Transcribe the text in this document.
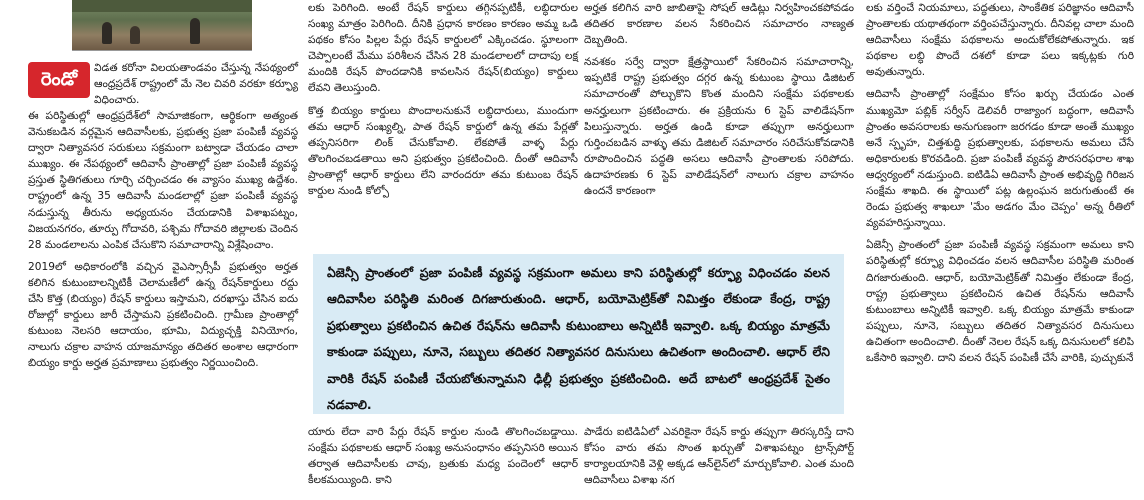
రెండో

విడత కరోనా విలయతాండవం చేస్తున్న నేపథ్యంలో ఆంధ్రప్రదేశ్ రాష్ట్రంలో మే నెల చివరి వరకూ కర్ఫ్యూ విధించారు.

ఈ పరిస్థితుల్లో ఆంధ్రప్రదేశ్‌లో సామాజికంగా, ఆర్థికంగా అత్యంత వెనుకబడిన వర్గమైన ఆదివాసీలకు, ప్రభుత్వ ప్రజా పంపిణీ వ్యవస్థ ద్వారా నిత్యావసర సరుకులు సక్రమంగా బట్వాడా చేయడం చాలా ముఖ్యం. ఈ నేపథ్యంలో ఆదివాసీ ప్రాంతాల్లో ప్రజా పంపిణీ వ్యవస్థ ప్రస్తుత స్థితిగతులు గూర్చి చర్చించడం ఈ వ్యాసం ముఖ్య ఉద్దేశం. రాష్ట్రంలో ఉన్న 35 ఆదివాసీ మండలాల్లో ప్రజా పంపిణీ వ్యవస్థ నడుస్తున్న తీరును అధ్యయనం చేయడానికి విశాఖపట్నం, విజయనగరం, తూర్పు గోదావరి, పశ్చిమ గోదావరి జిల్లాలకు చెందిన 28 మండలాలను ఎంపిక చేసుకొని సమాచారాన్ని విశ్లేషించాం.

2019లో అధికారంలోకి వచ్చిన వైఎస్సార్సీపీ ప్రభుత్వం అర్హత కలిగిన కుటుంబాలన్నిటికీ చెలామణీలో ఉన్న రేషన్‌కార్డులు రద్దు చేసి కొత్త (బియ్యం) రేషన్ కార్డులు ఇస్తామని, దరఖాస్తు చేసిన ఐదు రోజుల్లో కార్డులు జారీ చేస్తామని ప్రకటించింది. గ్రామీణ ప్రాంతాల్లో కుటుంబ నెలసరి ఆదాయం, భూమి, విద్యుచ్ఛక్తి వినియోగం, నాలుగు చక్రాల వాహన యాజమాన్యం తదితర అంశాల ఆధారంగా బియ్యం కార్డు అర్హత ప్రమాణాలు ప్రభుత్వం నిర్ణయించింది.

లకు పెరిగింది. అంటే రేషన్ కార్డులు తగ్గినప్పటికీ, లబ్ధిదారుల సంఖ్య మాత్రం పెరిగింది. దీనికి ప్రధాన కారణం కారణం అమ్మ ఒడి పథకం కోసం పిల్లల పేర్లు రేషన్ కార్డులలో ఎక్కించడం. స్థూలంగా చెప్పాలంటే మేము పరిశీలన చేసిన 28 మండలాలలో దాదాపు లక్ష మందికి రేషన్ పొందడానికి కావలసిన రేషన్(బియ్యం) కార్డులు లేవని తెలుస్తుంది.

కొత్త బియ్యం కార్డులు పొందాలనుకునే లబ్ధిదారులు, ముందుగా తమ ఆధార్ సంఖ్యల్ని, పాత రేషన్ కార్డులో ఉన్న తమ పేర్లతో తప్పనిసరిగా లింక్ చేసుకోవాలి. లేకపోతే వాళ్ళ పేర్లు తొలగించబడతాయి అని ప్రభుత్వం ప్రకటించింది. దీంతో ఆదివాసీ ప్రాంతాల్లో ఆధార్ కార్డులు లేని వారందరూ తమ కుటుంబ రేషన్ కార్డుల నుండి కోల్పో

అర్హత కలిగిన వారి జాబితాపై సోషల్ ఆడిట్లు నిర్వహించకపోవడం తదితర కారణాల వలన సేకరించిన సమాచారం నాణ్యత దెబ్బతింది.

నవశకం సర్వే ద్వారా క్షేత్రస్థాయిలో సేకరించిన సమాచారాన్ని, ఇప్పటికే రాష్ట్ర ప్రభుత్వం దగ్గర ఉన్న కుటుంబ స్థాయి డిజిటల్ సమాచారంతో పోల్చుకొని కొంత మందిని సంక్షేమ పథకాలకు అనర్హులుగా ప్రకటించారు. ఈ ప్రక్రియను 6 స్టెప్ వాలిడేషన్‌గా పిలుస్తున్నారు. అర్హత ఉండి కూడా తప్పుగా అనర్హులుగా గుర్తించబడిన వాళ్ళు తమ డిజిటల్ సమాచారం సరిచేసుకోవడానికి రూపొందించిన పద్ధతి అసలు ఆదివాసీ ప్రాంతాలకు సరిపోదు. ఉదాహరణకు 6 స్టెప్ వాలిడేషన్‌లో నాలుగు చక్రాల వాహనం ఉందనే కారణంగా

ఏజెన్సీ ప్రాంతంలో ప్రజా పంపిణీ వ్యవస్థ సక్రమంగా అమలు కాని పరిస్థితుల్లో కర్ఫ్యూ విధించడం వలన ఆదివాసీల పరిస్థితి మరింత దిగజారుతుంది. ఆధార్, బయోమెట్రిక్‌తో నిమిత్తం లేకుండా కేంద్ర, రాష్ట్ర ప్రభుత్వాలు ప్రకటించిన ఉచిత రేషన్‌ను ఆదివాసీ కుటుంబాలు అన్నిటికీ ఇవ్వాలి. ఒక్క బియ్యం మాత్రమే కాకుండా పప్పులు, నూనె, సబ్బులు తదితర నిత్యావసర దినుసులు ఉచితంగా అందించాలి. ఆధార్ లేని వారికి రేషన్ పంపిణీ చేయబోతున్నామని ఢిల్లీ ప్రభుత్వం ప్రకటించింది. అదే బాటలో ఆంధ్రప్రదేశ్ సైతం నడవాలి.

యారు లేదా వారి పేర్లు రేషన్ కార్డుల నుండి తొలగించబడ్డాయి. సంక్షేమ పథకాలకు ఆధార్ సంఖ్య అనుసంధానం తప్పనిసరి అయిన తర్వాత ఆదివాసీలకు చావు, బ్రతుకు మధ్య పందెంలో ఆధార్ కీలకమయ్యింది. కాని

పాడేరు ఐటిడిఏలో ఎవరికైనా రేషన్ కార్డు తప్పుగా తిరస్కరిస్తే దాని కోసం వారు తమ సొంత ఖర్చుతో విశాఖపట్నం ట్రాన్స్‌పోర్ట్ కార్యాలయానికి వెళ్లి అక్కడ ఆన్‌లైన్‌లో మార్చుకోవాలి. ఎంత మంది ఆదివాసీలు విశాఖ నగ

లకు వర్తించే నియమాలు, పద్ధతులు, సాంకేతిక పరిజ్ఞానం ఆదివాసీ ప్రాంతాలకు యథాతథంగా వర్తింపచేస్తున్నారు. దీనివల్ల చాలా మంది ఆదివాసీలు సంక్షేమ పథకాలను అందుకోలేకపోతున్నారు. ఇక పథకాల లబ్ధి పొందే దశలో కూడా పలు ఇక్కట్లకు గురి అవుతున్నారు.

ఆదివాసీ ప్రాంతాల్లో సంక్షేమం కోసం ఖర్చు చేయడం ఎంత ముఖ్యమో పబ్లిక్ సర్వీస్ డెలివరీ రాజ్యాంగ బద్ధంగా, ఆదివాసీ ప్రాంతం అవసరాలకు అనుగుణంగా జరగడం కూడా అంతే ముఖ్యం అనే స్పృహ, చిత్తశుద్ధి ప్రభుత్వాలకు, పథకాలను అమలు చేసే అధికారులకు కొరవడింది. ప్రజా పంపిణీ వ్యవస్థ పౌరసరఫరాల శాఖ ఆధ్వర్యంలో నడుస్తుంది. ఐటిడిఏ ఆదివాసీ ప్రాంత అభివృద్ధి గిరిజన సంక్షేమ శాఖది. ఈ స్థాయిలో పట్ల ఉల్లంఘన జరుగుతుంటే ఈ రెండు ప్రభుత్వ శాఖలూ 'మేం అడగం మేం చెప్పం' అన్న రీతిలో వ్యవహరిస్తున్నాయి.

ఏజెన్సీ ప్రాంతంలో ప్రజా పంపిణీ వ్యవస్థ సక్రమంగా అమలు కాని పరిస్థితుల్లో కర్ఫ్యూ విధించడం వలన ఆదివాసీల పరిస్థితి మరింత దిగజారుతుంది. ఆధార్, బయోమెట్రిక్‌తో నిమిత్తం లేకుండా కేంద్ర, రాష్ట్ర ప్రభుత్వాలు ప్రకటించిన ఉచిత రేషన్‌ను ఆదివాసీ కుటుంబాలు అన్నిటికీ ఇవ్వాలి. ఒక్క బియ్యం మాత్రమే కాకుండా పప్పులు, నూనె, సబ్బులు తదితర నిత్యావసర దినుసులు ఉచితంగా అందించాలి. దీంతో నెలల రేషన్ ఒక్క దినుసులలో కలిపి ఒకేసారి ఇవ్వాలి. దాని వలన రేషన్ పంపిణీ చేసే వారికి, పుచ్చుకునే
